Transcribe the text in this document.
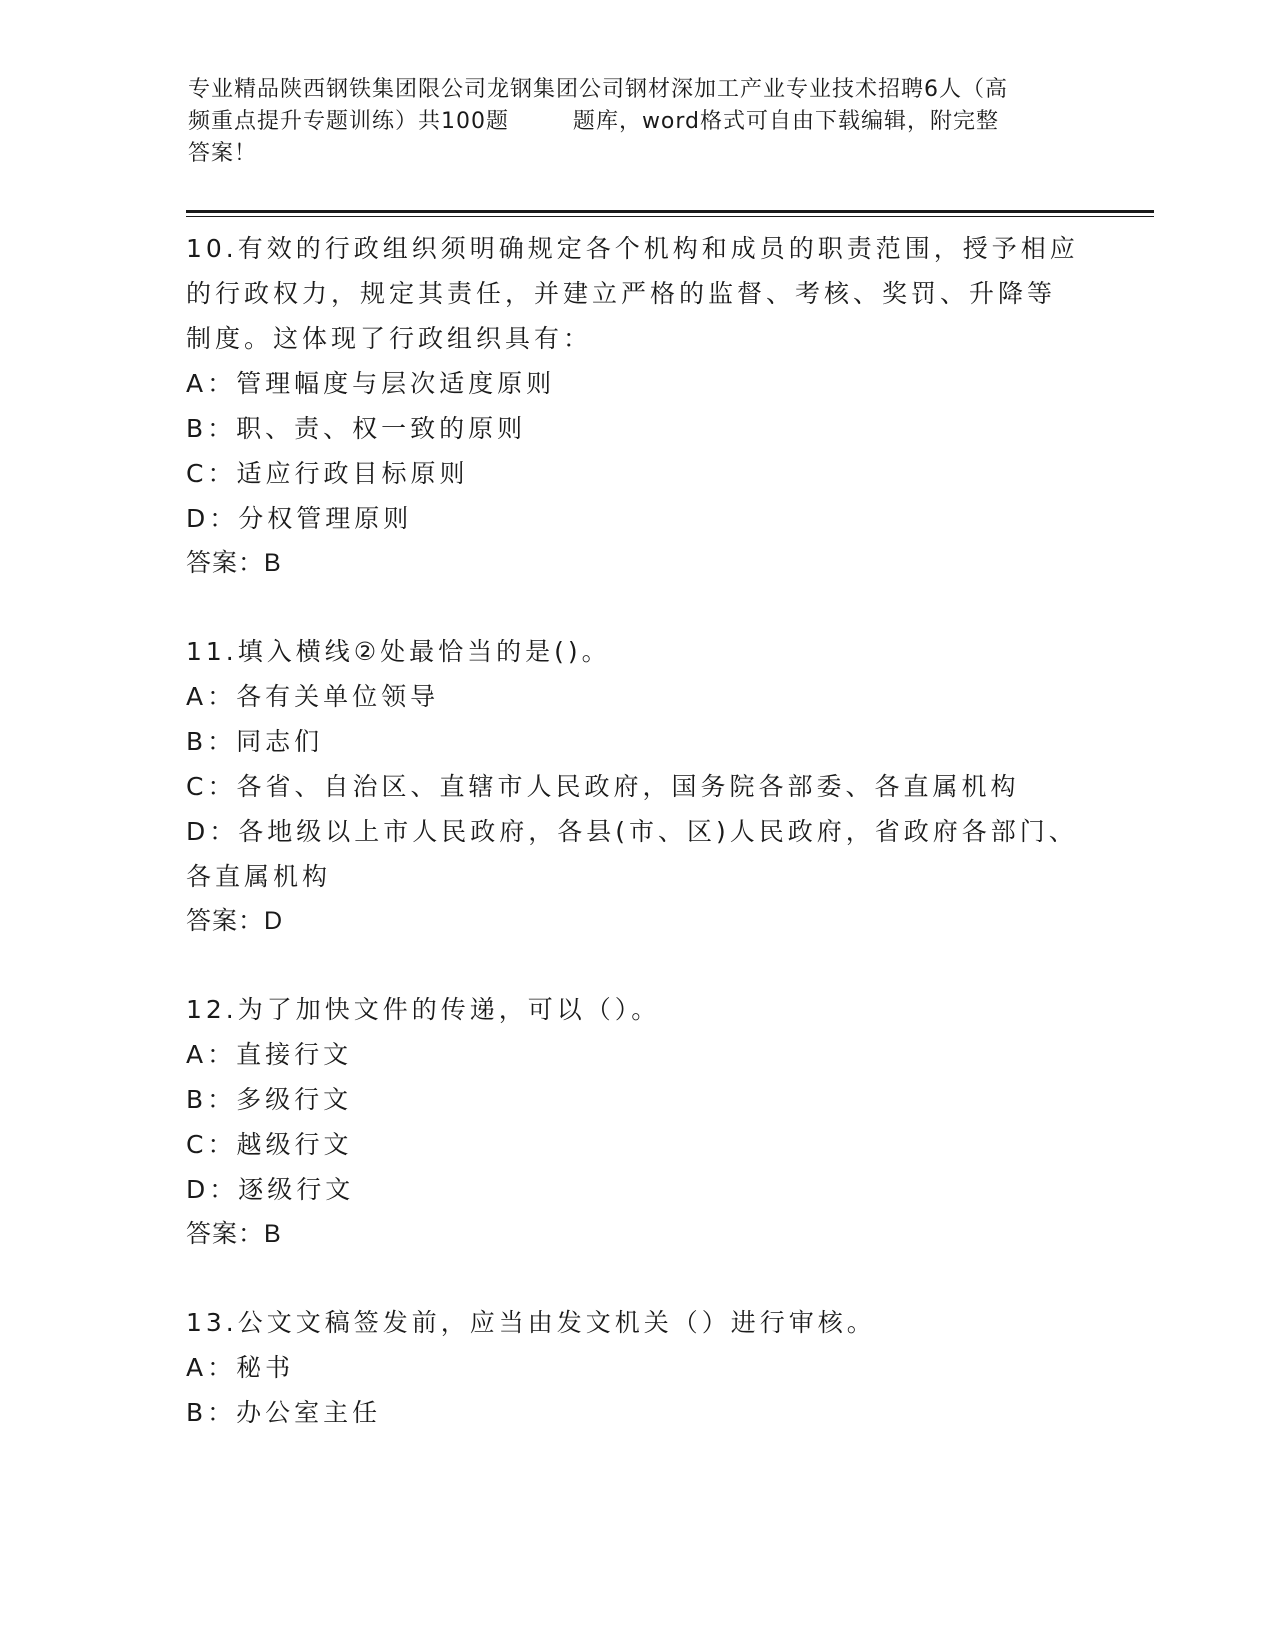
专业精品陕西钢铁集团限公司龙钢集团公司钢材深加工产业专业技术招聘6人（高
频重点提升专题训练）共100题        题库，word格式可自由下载编辑，附完整
答案！
10.有效的行政组织须明确规定各个机构和成员的职责范围，授予相应
的行政权力，规定其责任，并建立严格的监督、考核、奖罚、升降等
制度。这体现了行政组织具有：
A：管理幅度与层次适度原则
B：职、责、权一致的原则
C：适应行政目标原则
D：分权管理原则
答案：B
11.填入横线②处最恰当的是()。
A：各有关单位领导
B：同志们
C：各省、自治区、直辖市人民政府，国务院各部委、各直属机构
D：各地级以上市人民政府，各县(市、区)人民政府，省政府各部门、
各直属机构
答案：D
12.为了加快文件的传递，可以（）。
A：直接行文
B：多级行文
C：越级行文
D：逐级行文
答案：B
13.公文文稿签发前，应当由发文机关（）进行审核。
A：秘书
B：办公室主任
